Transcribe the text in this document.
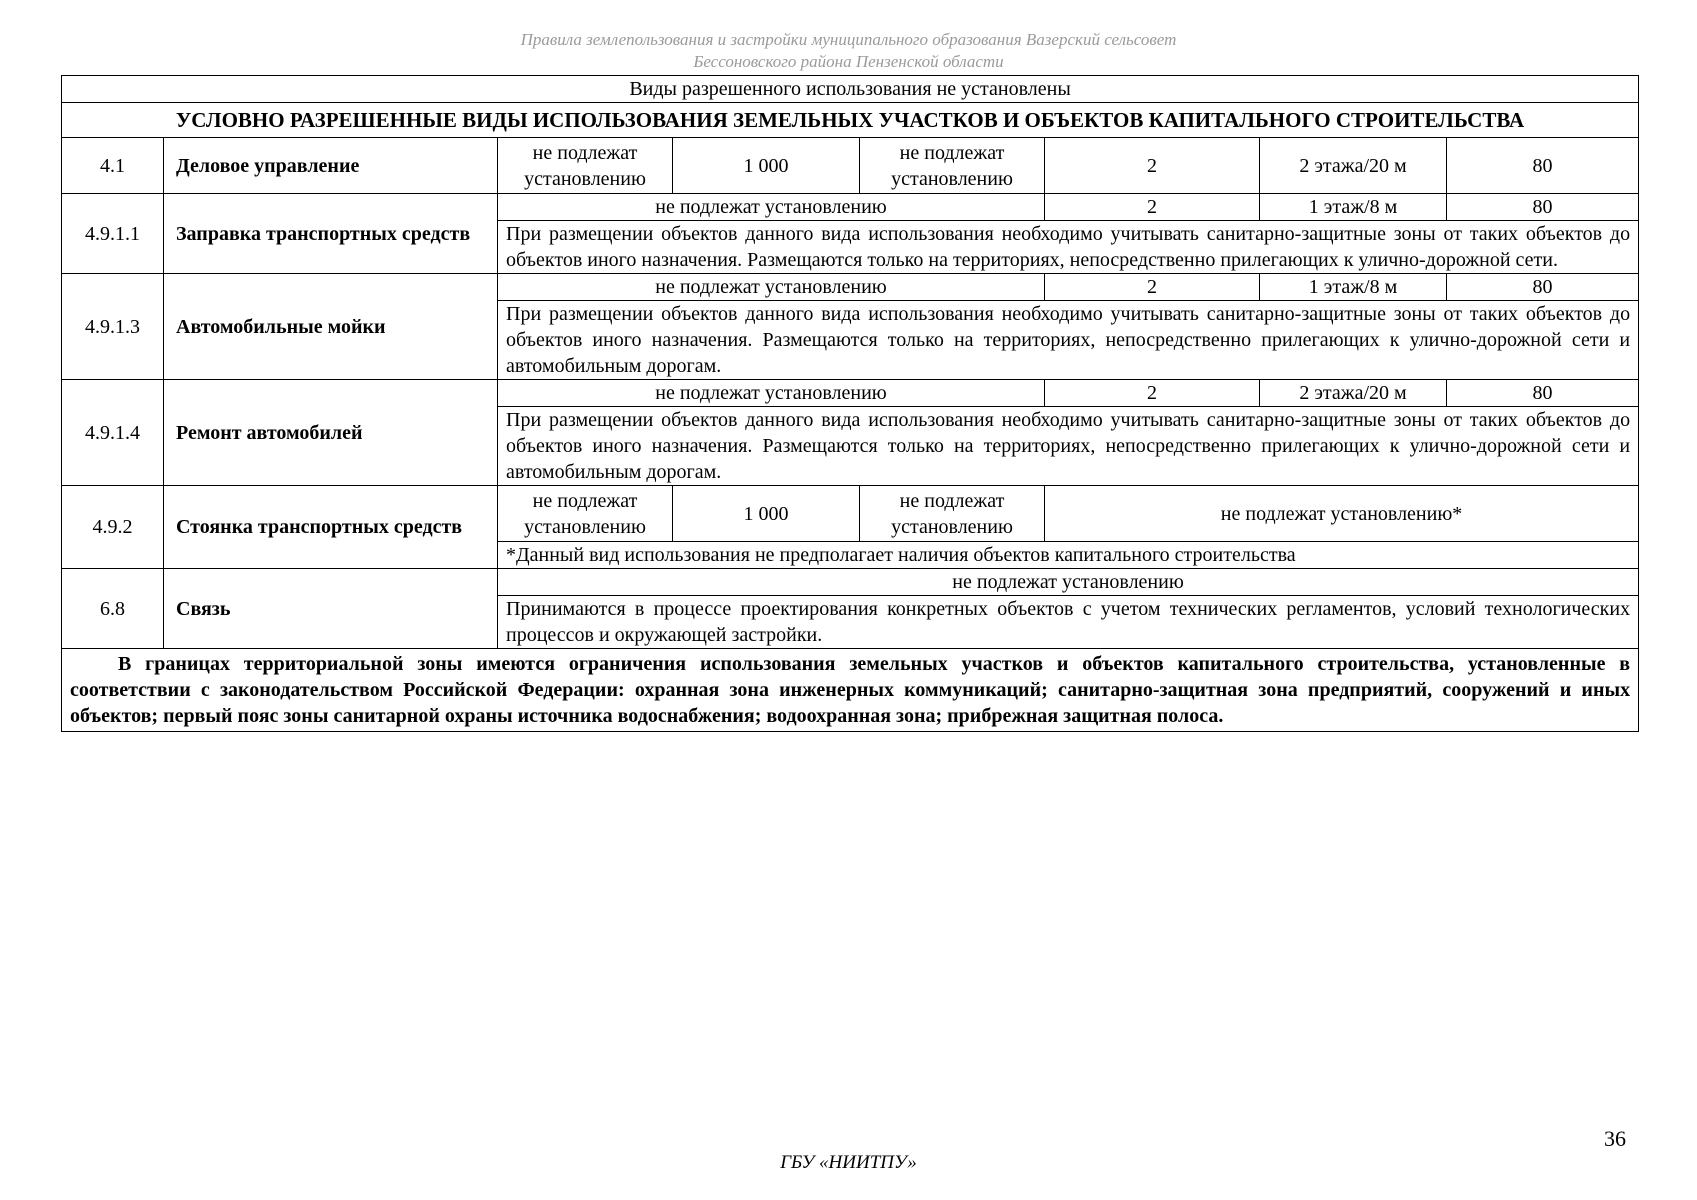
Правила землепользования и застройки муниципального образования Вазерский сельсовет
Бессоновского района Пензенской области
Виды разрешенного использования не установлены							
УСЛОВНО РАЗРЕШЕННЫЕ ВИДЫ ИСПОЛЬЗОВАНИЯ ЗЕМЕЛЬНЫХ УЧАСТКОВ И ОБЪЕКТОВ КАПИТАЛЬНОГО СТРОИТЕЛЬСТВА							
4.1	Деловое управление	не подлежат установлению	1 000	не подлежат установлению	2	2 этажа/20 м	80
4.9.1.1	Заправка транспортных средств	не подлежат установлению			2	1 этаж/8 м	80
		При размещении объектов данного вида использования необходимо учитывать санитарно-защитные зоны от таких объектов до объектов иного назначения. Размещаются только на территориях, непосредственно прилегающих к улично-дорожной сети.					
4.9.1.3	Автомобильные мойки	не подлежат установлению			2	1 этаж/8 м	80
		При размещении объектов данного вида использования необходимо учитывать санитарно-защитные зоны от таких объектов до объектов иного назначения. Размещаются только на территориях, непосредственно прилегающих к улично-дорожной сети и автомобильным дорогам.					
4.9.1.4	Ремонт автомобилей	не подлежат установлению			2	2 этажа/20 м	80
		При размещении объектов данного вида использования необходимо учитывать санитарно-защитные зоны от таких объектов до объектов иного назначения. Размещаются только на территориях, непосредственно прилегающих к улично-дорожной сети и автомобильным дорогам.					
4.9.2	Стоянка транспортных средств	не подлежат установлению	1 000	не подлежат установлению	не подлежат установлению*		
		*Данный вид использования не предполагает наличия объектов капитального строительства					
6.8	Связь	не подлежат установлению					
		Принимаются в процессе проектирования конкретных объектов с учетом технических регламентов, условий технологических процессов и окружающей застройки.					
В границах территориальной зоны имеются ограничения использования земельных участков и объектов капитального строительства, установленные в соответствии с законодательством Российской Федерации: охранная зона инженерных коммуникаций; санитарно-защитная зона предприятий, сооружений и иных объектов; первый пояс зоны санитарной охраны источника водоснабжения; водоохранная зона; прибрежная защитная полоса.							
36
ГБУ «НИИТПУ»
